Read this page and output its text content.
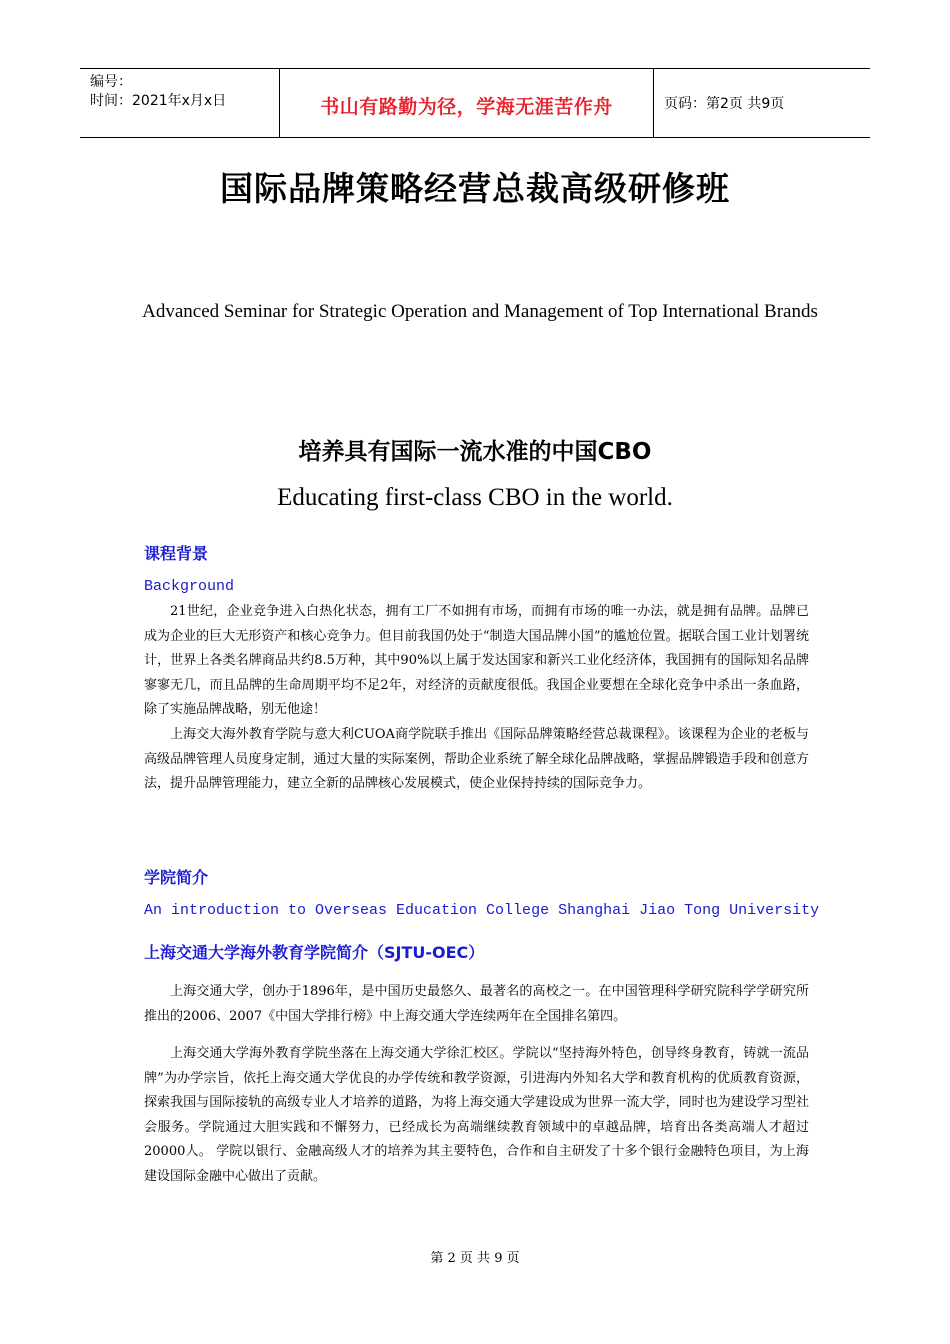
编号：
时间：2021年x月x日	书山有路勤为径，学海无涯苦作舟	页码：第2页 共9页
国际品牌策略经营总裁高级研修班
Advanced Seminar for Strategic Operation and Management of Top International Brands
培养具有国际一流水准的中国CBO
Educating first-class CBO in the world.
课程背景
Background

21世纪，企业竞争进入白热化状态，拥有工厂不如拥有市场，而拥有市场的唯一办法，就是拥有品牌。品牌已成为企业的巨大无形资产和核心竞争力。但目前我国仍处于“制造大国品牌小国”的尴尬位置。据联合国工业计划署统计，世界上各类名牌商品共约8.5万种，其中90%以上属于发达国家和新兴工业化经济体，我国拥有的国际知名品牌寥寥无几，而且品牌的生命周期平均不足2年，对经济的贡献度很低。我国企业要想在全球化竞争中杀出一条血路，除了实施品牌战略，别无他途！

上海交大海外教育学院与意大利CUOA商学院联手推出《国际品牌策略经营总裁课程》。该课程为企业的老板与高级品牌管理人员度身定制，通过大量的实际案例，帮助企业系统了解全球化品牌战略，掌握品牌锻造手段和创意方法，提升品牌管理能力，建立全新的品牌核心发展模式，使企业保持持续的国际竞争力。

学院简介
An introduction to Overseas Education College Shanghai Jiao Tong University
上海交通大学海外教育学院简介（SJTU-OEC）

上海交通大学，创办于1896年，是中国历史最悠久、最著名的高校之一。在中国管理科学研究院科学学研究所推出的2006、2007《中国大学排行榜》中上海交通大学连续两年在全国排名第四。

上海交通大学海外教育学院坐落在上海交通大学徐汇校区。学院以“坚持海外特色，创导终身教育，铸就一流品牌”为办学宗旨，依托上海交通大学优良的办学传统和教学资源，引进海内外知名大学和教育机构的优质教育资源，探索我国与国际接轨的高级专业人才培养的道路，为将上海交通大学建设成为世界一流大学，同时也为建设学习型社会服务。学院通过大胆实践和不懈努力，已经成长为高端继续教育领域中的卓越品牌，培育出各类高端人才超过20000人。 学院以银行、金融高级人才的培养为其主要特色，合作和自主研发了十多个银行金融特色项目，为上海建设国际金融中心做出了贡献。

第 2 页 共 9 页
